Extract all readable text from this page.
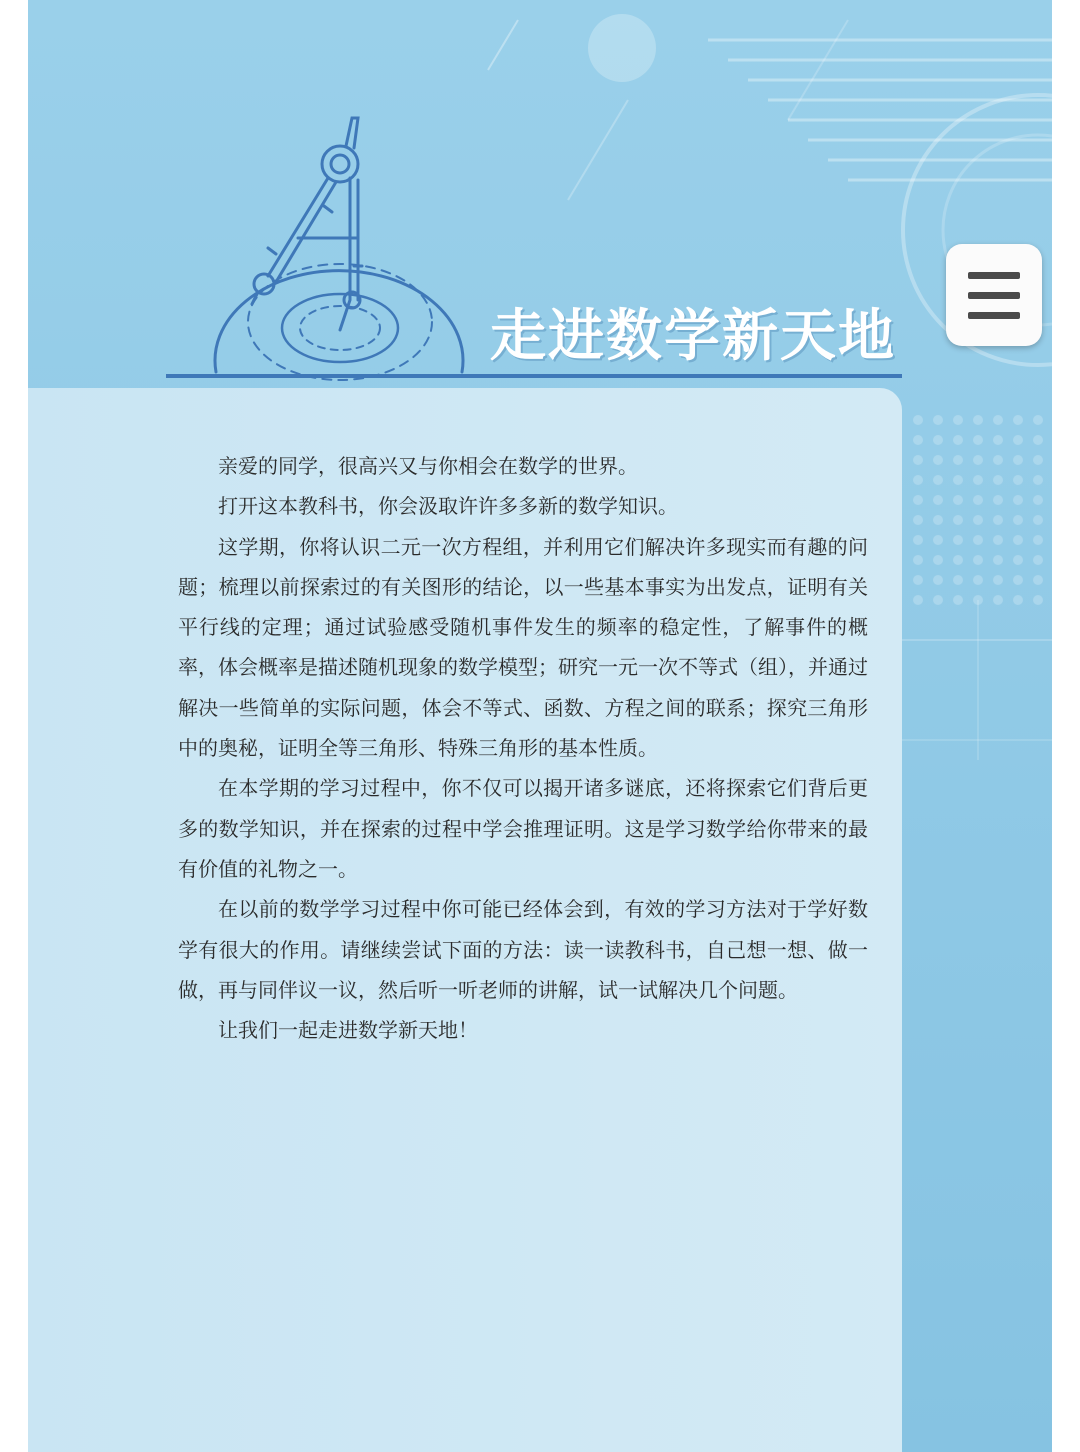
走进数学新天地

亲爱的同学，很高兴又与你相会在数学的世界。

打开这本教科书，你会汲取许许多多新的数学知识。

这学期，你将认识二元一次方程组，并利用它们解决许多现实而有趣的问题；梳理以前探索过的有关图形的结论，以一些基本事实为出发点，证明有关平行线的定理；通过试验感受随机事件发生的频率的稳定性，了解事件的概率，体会概率是描述随机现象的数学模型；研究一元一次不等式（组），并通过解决一些简单的实际问题，体会不等式、函数、方程之间的联系；探究三角形中的奥秘，证明全等三角形、特殊三角形的基本性质。

在本学期的学习过程中，你不仅可以揭开诸多谜底，还将探索它们背后更多的数学知识，并在探索的过程中学会推理证明。这是学习数学给你带来的最有价值的礼物之一。

在以前的数学学习过程中你可能已经体会到，有效的学习方法对于学好数学有很大的作用。请继续尝试下面的方法：读一读教科书，自己想一想、做一做，再与同伴议一议，然后听一听老师的讲解，试一试解决几个问题。

让我们一起走进数学新天地！
